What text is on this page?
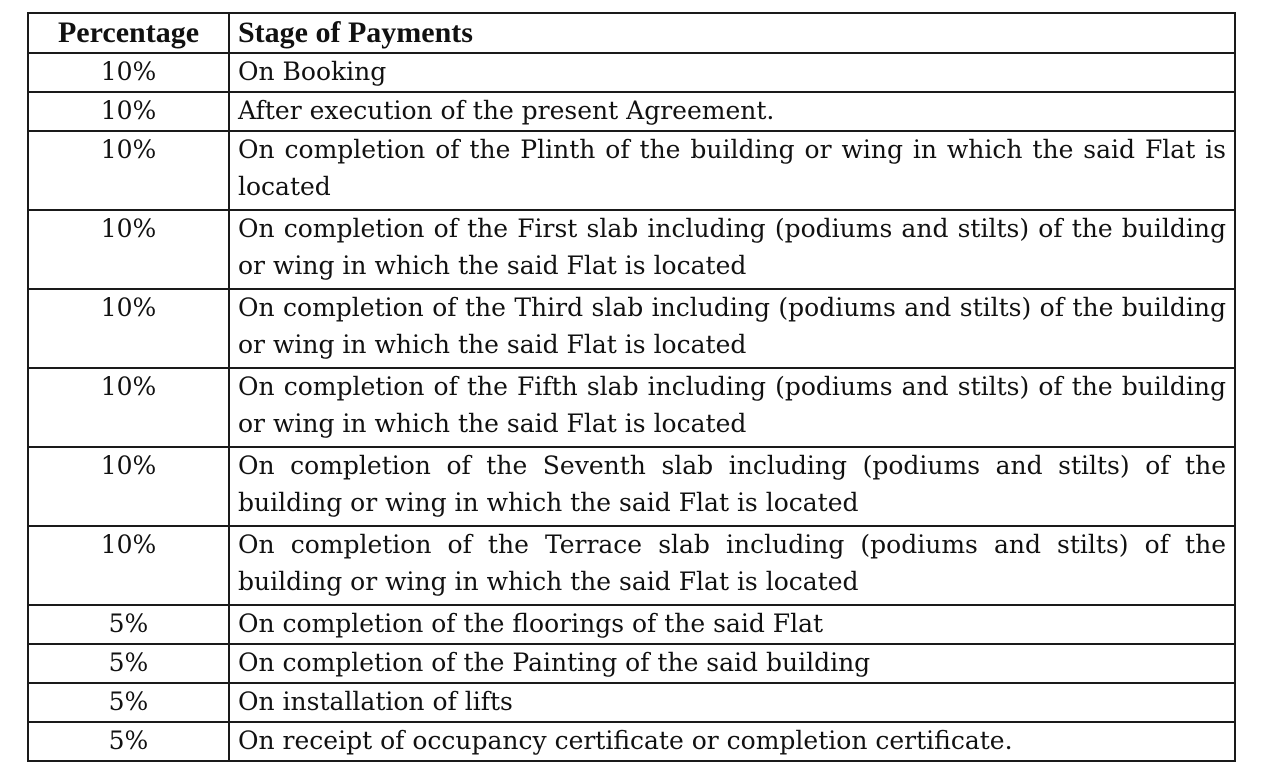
Percentage	Stage of Payments
10%	On Booking
10%	After execution of the present Agreement.
10%	On completion of the Plinth of the building or wing in which the said Flat is located
10%	On completion of the First slab including (podiums and stilts) of the building or wing in which the said Flat is located
10%	On completion of the Third slab including (podiums and stilts) of the building or wing in which the said Flat is located
10%	On completion of the Fifth slab including (podiums and stilts) of the building or wing in which the said Flat is located
10%	On completion of the Seventh slab including (podiums and stilts) of the building or wing in which the said Flat is located
10%	On completion of the Terrace slab including (podiums and stilts) of the building or wing in which the said Flat is located
5%	On completion of the floorings of the said Flat
5%	On completion of the Painting of the said building
5%	On installation of lifts
5%	On receipt of occupancy certificate or completion certificate.
